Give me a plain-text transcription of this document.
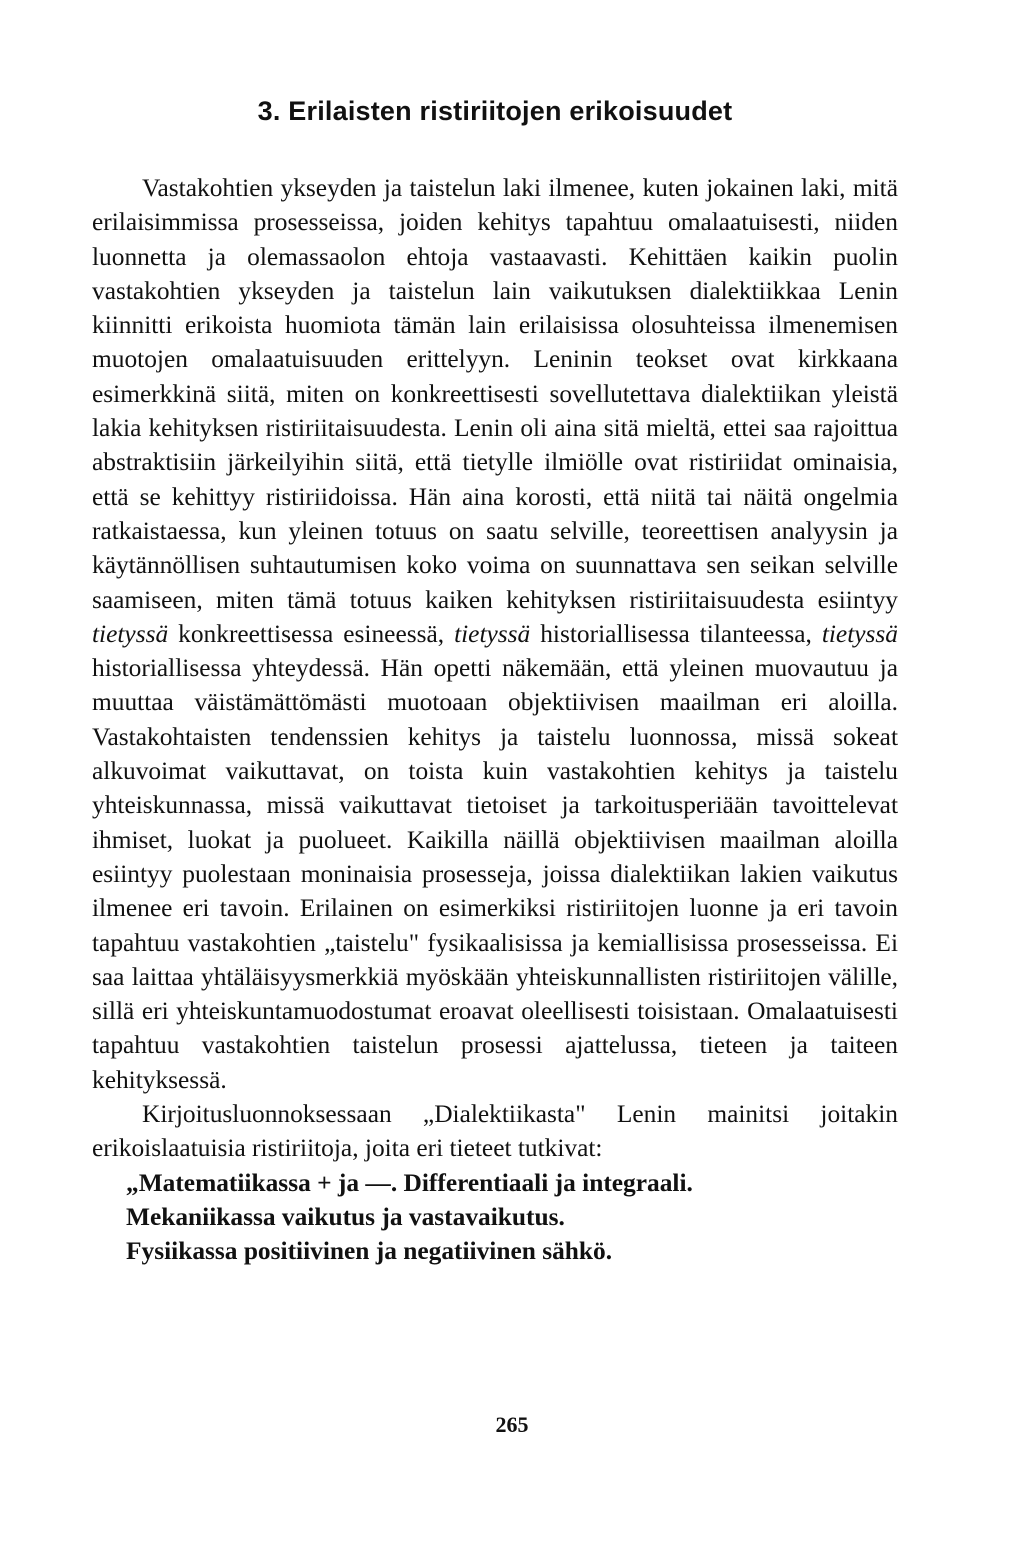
3. Erilaisten ristiriitojen erikoisuudet

Vastakohtien ykseyden ja taistelun laki ilmenee, kuten jokainen laki, mitä erilaisimmissa prosesseissa, joiden kehitys tapahtuu omalaatuisesti, niiden luonnetta ja olemassaolon ehtoja vastaavasti. Kehittäen kaikin puolin vastakohtien ykseyden ja taistelun lain vaikutuksen dialektiikkaa Lenin kiinnitti erikoista huomiota tämän lain erilaisissa olosuhteissa ilmenemisen muotojen omalaatuisuuden erittelyyn. Leninin teokset ovat kirkkaana esimerkkinä siitä, miten on konkreettisesti sovellutettava dialektiikan yleistä lakia kehityksen ristiriitaisuudesta. Lenin oli aina sitä mieltä, ettei saa rajoittua abstraktisiin järkeilyihin siitä, että tietylle ilmiölle ovat ristiriidat ominaisia, että se kehittyy ristiriidoissa. Hän aina korosti, että niitä tai näitä ongelmia ratkaistaessa, kun yleinen totuus on saatu selville, teoreettisen analyysin ja käytännöllisen suhtautumisen koko voima on suunnattava sen seikan selville saamiseen, miten tämä totuus kaiken kehityksen ristiriitaisuudesta esiintyy tietyssä konkreettisessa esineessä, tietyssä historiallisessa tilanteessa, tietyssä historiallisessa yhteydessä. Hän opetti näkemään, että yleinen muovautuu ja muuttaa väistämättömästi muotoaan objektiivisen maailman eri aloilla. Vastakohtaisten tendenssien kehitys ja taistelu luonnossa, missä sokeat alkuvoimat vaikuttavat, on toista kuin vastakohtien kehitys ja taistelu yhteiskunnassa, missä vaikuttavat tietoiset ja tarkoitusperiään tavoittelevat ihmiset, luokat ja puolueet. Kaikilla näillä objektiivisen maailman aloilla esiintyy puolestaan moninaisia prosesseja, joissa dialektiikan lakien vaikutus ilmenee eri tavoin. Erilainen on esimerkiksi ristiriitojen luonne ja eri tavoin tapahtuu vastakohtien „taistelu" fysikaalisissa ja kemiallisissa prosesseissa. Ei saa laittaa yhtäläisyysmerkkiä myöskään yhteiskunnallisten ristiriitojen välille, sillä eri yhteiskuntamuodostumat eroavat oleellisesti toisistaan. Omalaatuisesti tapahtuu vastakohtien taistelun prosessi ajattelussa, tieteen ja taiteen kehityksessä.

Kirjoitusluonnoksessaan „Dialektiikasta" Lenin mainitsi joitakin erikoislaatuisia ristiriitoja, joita eri tieteet tutkivat:

„Matematiikassa + ja —. Differentiaali ja integraali.
Mekaniikassa vaikutus ja vastavaikutus.
Fysiikassa positiivinen ja negatiivinen sähkö.
265
